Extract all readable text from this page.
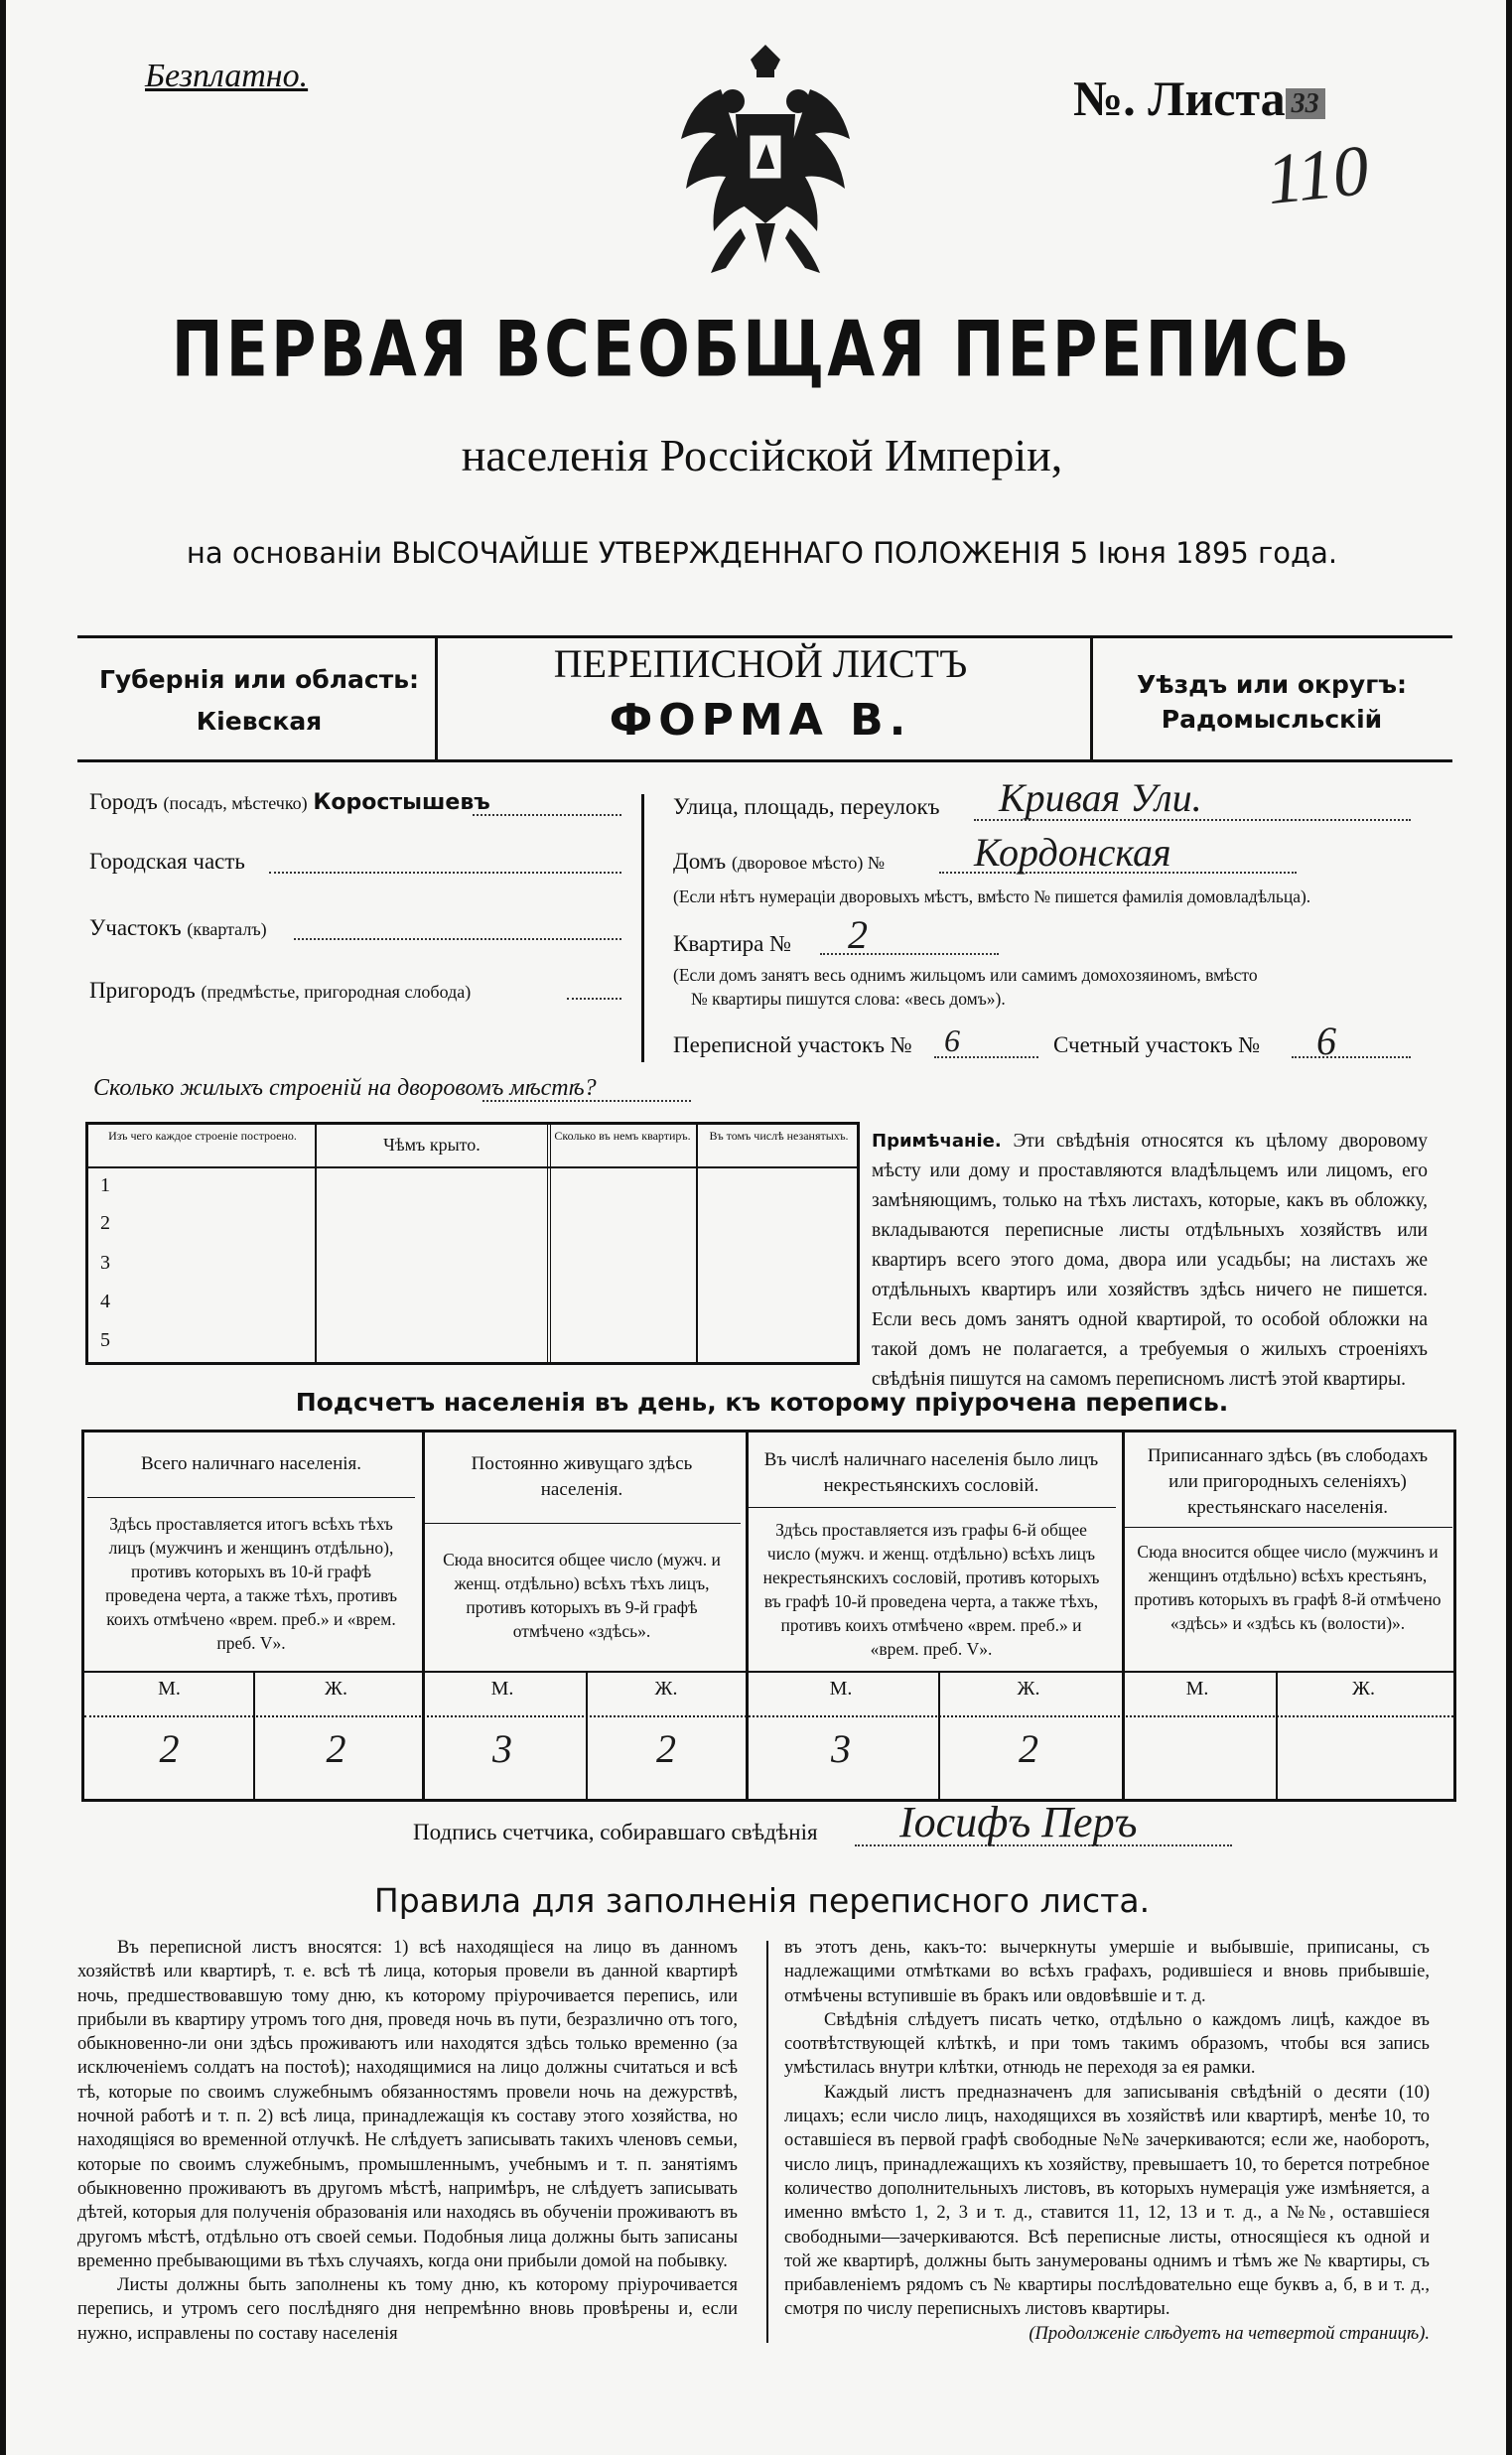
Безплатно.	№. Листа 33
110
ПЕРВАЯ ВСЕОБЩАЯ ПЕРЕПИСЬ
населенія Россійской Имперіи,
на основаніи ВЫСОЧАЙШЕ УТВЕРЖДЕННАГО ПОЛОЖЕНІЯ 5 Іюня 1895 года.
Губернія или область:
Кіевская
ПЕРЕПИСНОЙ ЛИСТЪ
ФОРМА В.
Уѣздъ или округъ:
Радомысльскій
Городъ (посадъ, мѣстечко) Коростышевъ
Городская часть
Участокъ (кварталъ)
Пригородъ (предмѣстье, пригородная слобода)
Улица, площадь, переулокъ Кривая Ули.
Домъ (дворовое мѣсто) № Кордонская
(Если нѣтъ нумераціи дворовыхъ мѣстъ, вмѣсто № пишется фамилія домовладѣльца).
Квартира № 2
(Если домъ занятъ весь однимъ жильцомъ или самимъ домохозяиномъ, вмѣсто
№ квартиры пишутся слова: «весь домъ»).
Переписной участокъ № 6	Счетный участокъ № 6
Сколько жилыхъ строеній на дворовомъ мѣстѣ?
Изъ чего каждое строеніе построено.	Чѣмъ крыто.	Сколько въ немъ квартиръ.	Въ томъ числѣ незанятыхъ.
1
2
3
4
5
Примѣчаніе. Эти свѣдѣнія относятся къ цѣлому дворовому мѣсту или дому и проставляются владѣльцемъ или лицомъ, его замѣняющимъ, только на тѣхъ листахъ, которые, какъ въ обложку, вкладываются переписные листы отдѣльныхъ хозяйствъ или квартиръ всего этого дома, двора или усадьбы; на листахъ же отдѣльныхъ квартиръ или хозяйствъ здѣсь ничего не пишется. Если весь домъ занятъ одной квартирой, то особой обложки на такой домъ не полагается, а требуемыя о жилыхъ строеніяхъ свѣдѣнія пишутся на самомъ переписномъ листѣ этой квартиры.
Подсчетъ населенія въ день, къ которому пріурочена перепись.
Всего наличнаго населенія.
Здѣсь проставляется итогъ всѣхъ тѣхъ лицъ (мужчинъ и женщинъ отдѣльно), противъ которыхъ въ 10-й графѣ проведена черта, а также тѣхъ, противъ коихъ отмѣчено «врем. преб.» и «врем. преб. V».
Постоянно живущаго здѣсь населенія.
Сюда вносится общее число (мужч. и женщ. отдѣльно) всѣхъ тѣхъ лицъ, противъ которыхъ въ 9-й графѣ отмѣчено «здѣсь».
Въ числѣ наличнаго населенія было лицъ некрестьянскихъ сословій.
Здѣсь проставляется изъ графы 6-й общее число (мужч. и женщ. отдѣльно) всѣхъ лицъ некрестьянскихъ сословій, противъ которыхъ въ графѣ 10-й проведена черта, а также тѣхъ, противъ коихъ отмѣчено «врем. преб.» и «врем. преб. V».
Приписаннаго здѣсь (въ слободахъ или пригородныхъ селеніяхъ) крестьянскаго населенія.
Сюда вносится общее число (мужчинъ и женщинъ отдѣльно) всѣхъ крестьянъ, противъ которыхъ въ графѣ 8-й отмѣчено «здѣсь» и «здѣсь къ (волости)».
М.	Ж.	М.	Ж.	М.	Ж.	М.	Ж.
2	2	3	2	3	2
Подпись счетчика, собиравшаго свѣдѣнія Іосифъ Перъ
Правила для заполненія переписного листа.
Въ переписной листъ вносятся: 1) всѣ находящіеся на лицо въ данномъ хозяйствѣ или квартирѣ, т. е. всѣ тѣ лица, которыя провели въ данной квартирѣ ночь, предшествовавшую тому дню, къ которому пріурочивается перепись, или прибыли въ квартиру утромъ того дня, проведя ночь въ пути, безразлично отъ того, обыкновенно-ли они здѣсь проживаютъ или находятся здѣсь только временно (за исключеніемъ солдатъ на постоѣ); находящимися на лицо должны считаться и всѣ тѣ, которые по своимъ служебнымъ обязанностямъ провели ночь на дежурствѣ, ночной работѣ и т. п. 2) всѣ лица, принадлежащія къ составу этого хозяйства, но находящіяся во временной отлучкѣ. Не слѣдуетъ записывать такихъ членовъ семьи, которые по своимъ служебнымъ, промышленнымъ, учебнымъ и т. п. занятіямъ обыкновенно проживаютъ въ другомъ мѣстѣ, напримѣръ, не слѣдуетъ записывать дѣтей, которыя для полученія образованія или находясь въ обученіи проживаютъ въ другомъ мѣстѣ, отдѣльно отъ своей семьи. Подобныя лица должны быть записаны временно пребывающими въ тѣхъ случаяхъ, когда они прибыли домой на побывку.
Листы должны быть заполнены къ тому дню, къ которому пріурочивается перепись, и утромъ сего послѣдняго дня непремѣнно вновь провѣрены и, если нужно, исправлены по составу населенія
въ этотъ день, какъ-то: вычеркнуты умершіе и выбывшіе, приписаны, съ надлежащими отмѣтками во всѣхъ графахъ, родившіеся и вновь прибывшіе, отмѣчены вступившіе въ бракъ или овдовѣвшіе и т. д.
Свѣдѣнія слѣдуетъ писать четко, отдѣльно о каждомъ лицѣ, каждое въ соотвѣтствующей клѣткѣ, и при томъ такимъ образомъ, чтобы вся запись умѣстилась внутри клѣтки, отнюдь не переходя за ея рамки.
Каждый листъ предназначенъ для записыванія свѣдѣній о десяти (10) лицахъ; если число лицъ, находящихся въ хозяйствѣ или квартирѣ, менѣе 10, то оставшіеся въ первой графѣ свободные №№ зачеркиваются; если же, наоборотъ, число лицъ, принадлежащихъ къ хозяйству, превышаетъ 10, то берется потребное количество дополнительныхъ листовъ, въ которыхъ нумерація уже измѣняется, а именно вмѣсто 1, 2, 3 и т. д., ставится 11, 12, 13 и т. д., а №№, оставшіеся свободными—зачеркиваются. Всѣ переписные листы, относящіеся къ одной и той же квартирѣ, должны быть занумерованы однимъ и тѣмъ же № квартиры, съ прибавленіемъ рядомъ съ № квартиры послѣдовательно еще буквъ а, б, в и т. д., смотря по числу переписныхъ листовъ квартиры.
(Продолженіе слѣдуетъ на четвертой страницѣ).
